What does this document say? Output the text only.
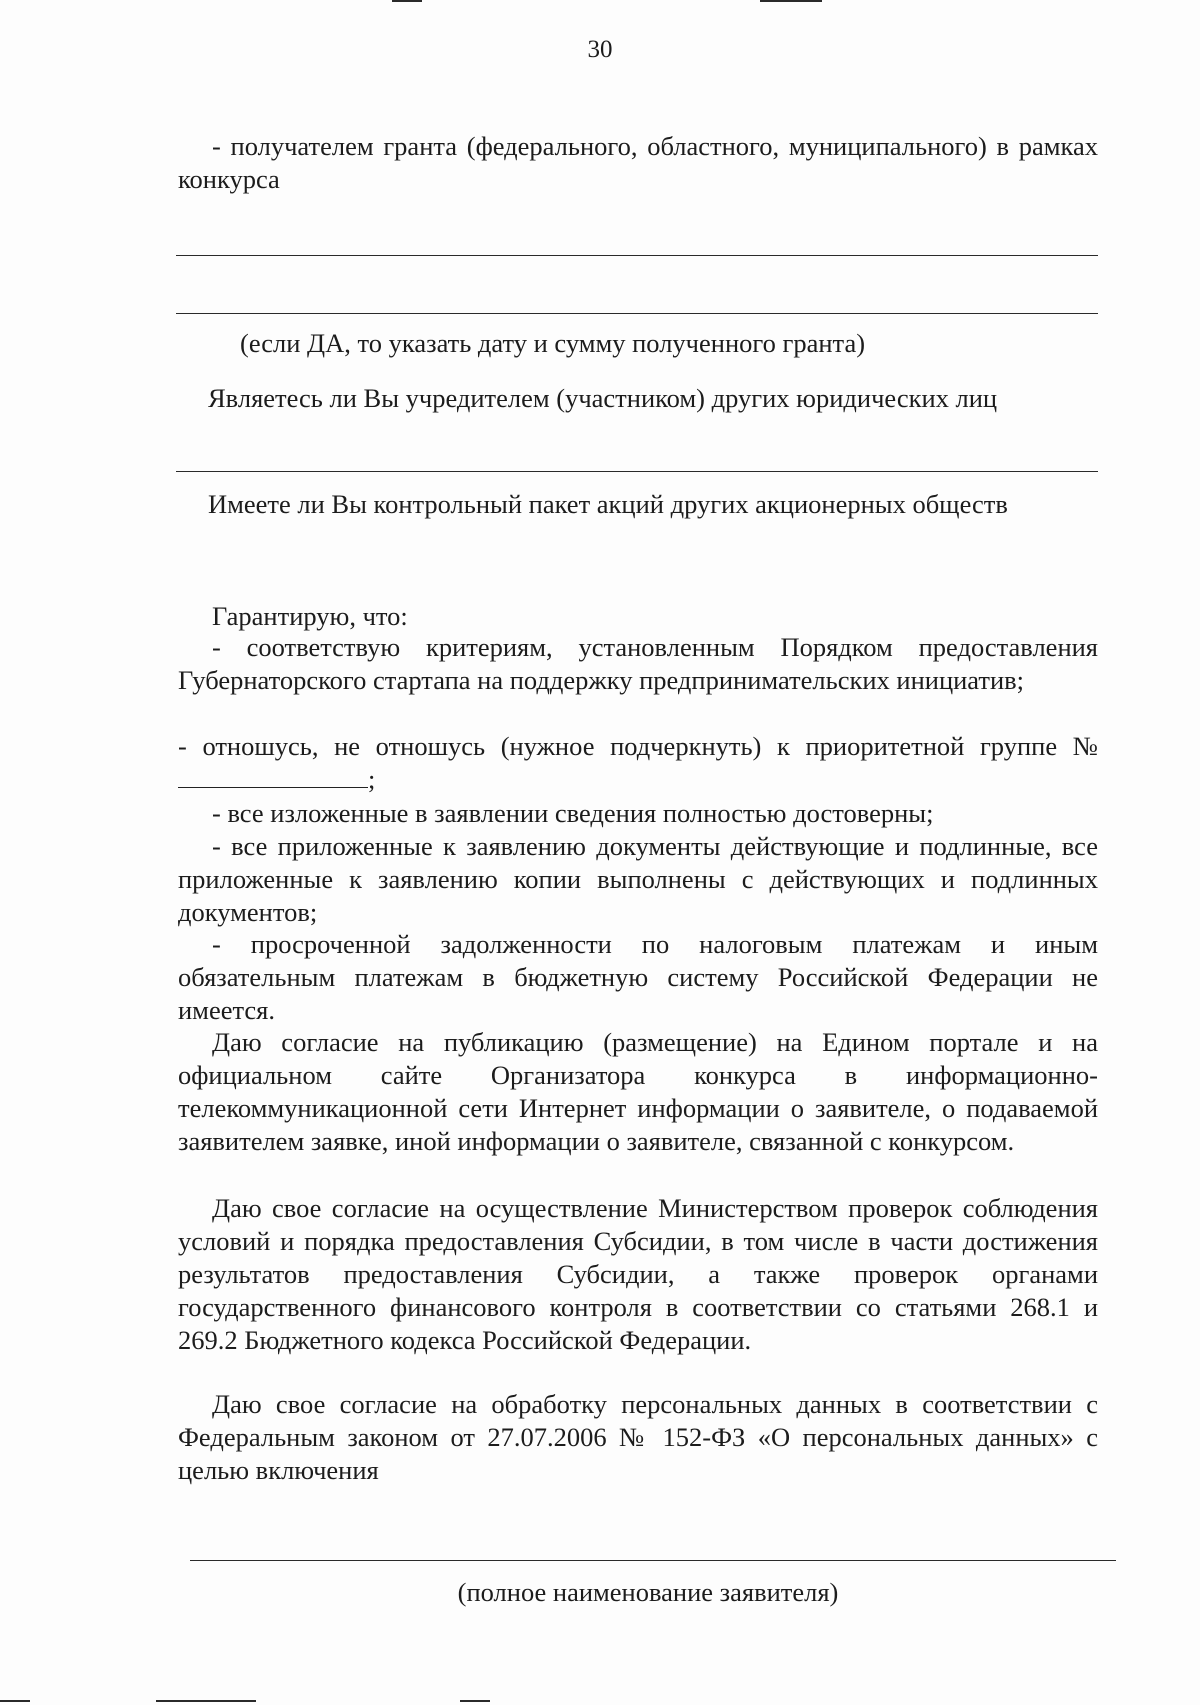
30
- получателем гранта (федерального, областного, муниципального) в рамках конкурса
(если ДА, то указать дату и сумму полученного гранта)
Являетесь ли Вы учредителем (участником) других юридических лиц
Имеете ли Вы контрольный пакет акций других акционерных обществ
Гарантирую, что:
- соответствую критериям, установленным Порядком предоставления Губернаторского стартапа на поддержку предпринимательских инициатив;
- отношусь, не отношусь (нужное подчеркнуть) к приоритетной группе №;
- все изложенные в заявлении сведения полностью достоверны;
- все приложенные к заявлению документы действующие и подлинные, все приложенные к заявлению копии выполнены с действующих и подлинных документов;
- просроченной задолженности по налоговым платежам и иным обязательным платежам в бюджетную систему Российской Федерации не имеется.
Даю согласие на публикацию (размещение) на Едином портале и на официальном сайте Организатора конкурса в информационно-телекоммуникационной сети Интернет информации о заявителе, о подаваемой заявителем заявке, иной информации о заявителе, связанной с конкурсом.
Даю свое согласие на осуществление Министерством проверок соблюдения условий и порядка предоставления Субсидии, в том числе в части достижения результатов предоставления Субсидии, а также проверок органами государственного финансового контроля в соответствии со статьями 268.1 и 269.2 Бюджетного кодекса Российской Федерации.
Даю свое согласие на обработку персональных данных в соответствии с Федеральным законом от 27.07.2006 № 152-ФЗ «О персональных данных» с целью включения
(полное наименование заявителя)
